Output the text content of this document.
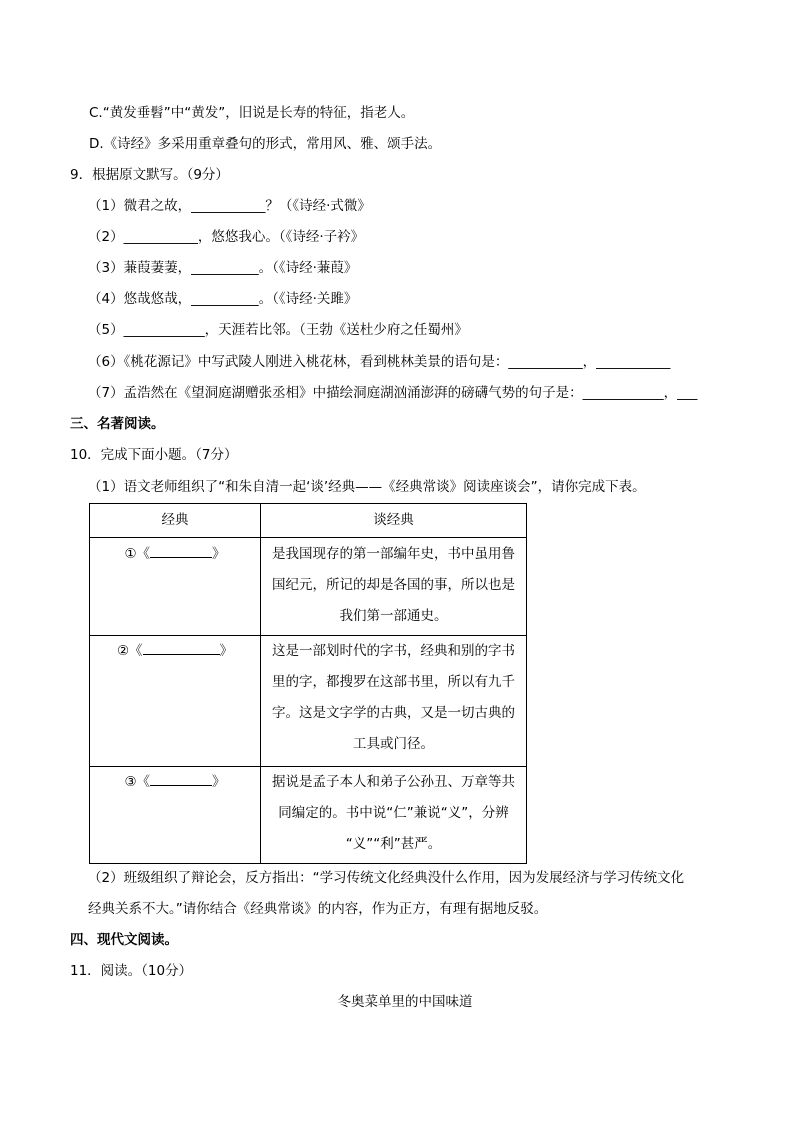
C.“黄发垂髫”中“黄发”，旧说是长寿的特征，指老人。
D.《诗经》多采用重章叠句的形式，常用风、雅、颂手法。
9．根据原文默写。（9分）
（1）微君之故，___________？（《诗经·式微》
（2）___________，悠悠我心。（《诗经·子衿》
（3）蒹葭萋萋，__________。（《诗经·蒹葭》
（4）悠哉悠哉，__________。（《诗经·关雎》
（5）____________，天涯若比邻。（王勃《送杜少府之任蜀州》
（6）《桃花源记》中写武陵人刚进入桃花林，看到桃林美景的语句是：___________，___________
（7）孟浩然在《望洞庭湖赠张丞相》中描绘洞庭湖汹涌澎湃的磅礴气势的句子是：____________，___
三、名著阅读。
10．完成下面小题。（7分）
（1）语文老师组织了“和朱自清一起‘谈’经典——《经典常谈》阅读座谈会”，请你完成下表。
经典	谈经典
①《 》	是我国现存的第一部编年史，书中虽用鲁
国纪元，所记的却是各国的事，所以也是
我们第一部通史。

②《 》	这是一部划时代的字书，经典和别的字书
里的字，都搜罗在这部书里，所以有九千
字。这是文字学的古典，又是一切古典的
工具或门径。

③《 》	据说是孟子本人和弟子公孙丑、万章等共
同编定的。书中说“仁”兼说“义”，分辨
“义”“利”甚严。
（2）班级组织了辩论会，反方指出：“学习传统文化经典没什么作用，因为发展经济与学习传统文化
经典关系不大。”请你结合《经典常谈》的内容，作为正方，有理有据地反驳。
四、现代文阅读。
11．阅读。（10分）
冬奥菜单里的中国味道
